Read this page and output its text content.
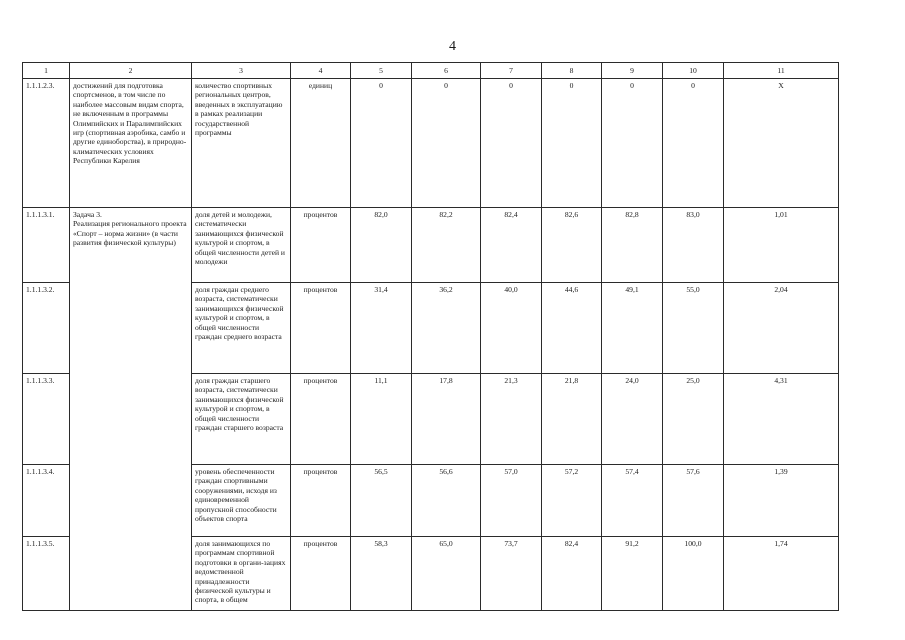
4
1	2	3	4	5	6	7	8	9	10	11
1.1.1.2.3.	достижений для подготовка спортсменов, в том числе по наиболее массовым видам спорта, не включенным в программы Олимпийских и Паралимпийских игр (спортивная аэробика, самбо и другие единоборства), в природно-климатических условиях Республики Карелия	количество спортивных региональных центров, введенных в эксплуатацию в рамках реализации государственной программы	единиц	0	0	0	0	0	0	X
1.1.1.3.1.	Задача 3.
Реализация регионального проекта «Спорт – норма жизни» (в части развития физической культуры)	доля детей и молодежи, систематически занимающихся физической культурой и спортом, в общей численности детей и молодежи	процентов	82,0	82,2	82,4	82,6	82,8	83,0	1,01
1.1.1.3.2.		доля граждан среднего возраста, систематически занимающихся физической культурой и спортом, в общей численности граждан среднего возраста	процентов	31,4	36,2	40,0	44,6	49,1	55,0	2,04
1.1.1.3.3.		доля граждан старшего возраста, систематически занимающихся физической культурой и спортом, в общей численности граждан старшего возраста	процентов	11,1	17,8	21,3	21,8	24,0	25,0	4,31
1.1.1.3.4.		уровень обеспеченности граждан спортивными сооружениями, исходя из единовременной пропускной способности объектов спорта	процентов	56,5	56,6	57,0	57,2	57,4	57,6	1,39
1.1.1.3.5.		доля занимающихся по программам спортивной подготовки в органи-зациях ведомственной принадлежности физической культуры и спорта, в общем	процентов	58,3	65,0	73,7	82,4	91,2	100,0	1,74
